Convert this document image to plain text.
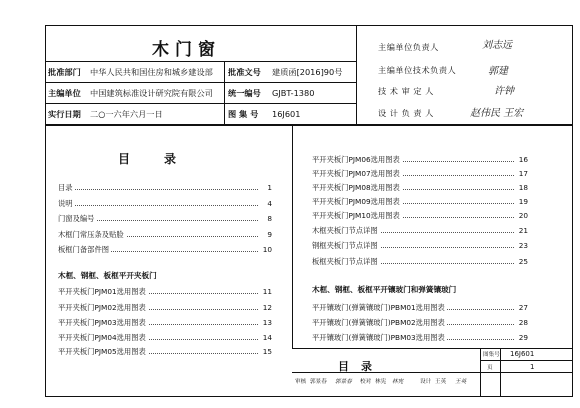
木门窗
批准部门 中华人民共和国住房和城乡建设部 批准文号 建质函[2016]90号
主编单位 中国建筑标准设计研究院有限公司 统一编号 GJBT-1380
实行日期 二○一六年六月一日	图 集 号 16J601
主编单位负责人	刘志远
主编单位技术负责人	郭建
技 术 审 定 人	许钟
设 计 负 责 人	赵伟民 王宏
目录
目录	1
说明	4
门窗及编号	8
木框门常压条及贴脸	9
板框门备部件图	10
木框、钢框、板框平开夹板门
平开夹板门PJM01选用图表	11
平开夹板门PJM02选用图表	12
平开夹板门PJM03选用图表	13
平开夹板门PJM04选用图表	14
平开夹板门PJM05选用图表	15
平开夹板门PJM06选用图表	16
平开夹板门PJM07选用图表	17
平开夹板门PJM08选用图表	18
平开夹板门PJM09选用图表	19
平开夹板门PJM10选用图表	20
木框夹板门节点详图	21
钢框夹板门节点详图	23
板框夹板门节点详图	25
木框、钢框、板框平开镶玻门和弹簧镶玻门
平开镶玻门(弹簧镶玻门)PBM01选用图表	27
平开镶玻门(弹簧镶玻门)PBM02选用图表	28
平开镶玻门(弹簧镶玻门)PBM03选用图表	29
目录
图集号 16J601
页	1
审核 郭景春 郭景春 校对 林宪 林宪	设计 王英 王英
